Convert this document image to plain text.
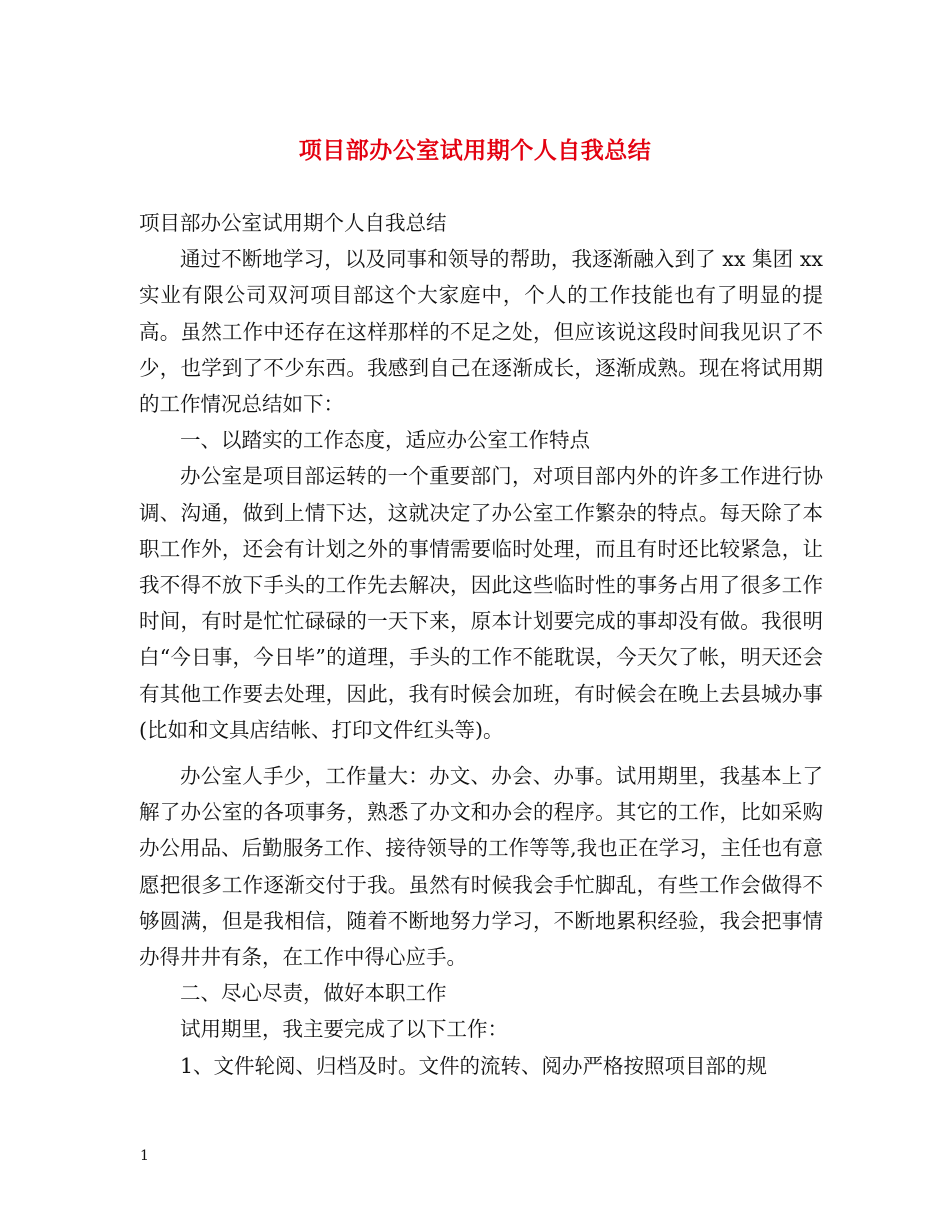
项目部办公室试用期个人自我总结

项目部办公室试用期个人自我总结

通过不断地学习，以及同事和领导的帮助，我逐渐融入到了 xx 集团 xx 实业有限公司双河项目部这个大家庭中，个人的工作技能也有了明显的提高。虽然工作中还存在这样那样的不足之处，但应该说这段时间我见识了不少，也学到了不少东西。我感到自己在逐渐成长，逐渐成熟。现在将试用期的工作情况总结如下：

一、以踏实的工作态度，适应办公室工作特点

办公室是项目部运转的一个重要部门，对项目部内外的许多工作进行协调、沟通，做到上情下达，这就决定了办公室工作繁杂的特点。每天除了本职工作外，还会有计划之外的事情需要临时处理，而且有时还比较紧急，让我不得不放下手头的工作先去解决，因此这些临时性的事务占用了很多工作时间，有时是忙忙碌碌的一天下来，原本计划要完成的事却没有做。我很明白“今日事，今日毕”的道理，手头的工作不能耽误，今天欠了帐，明天还会有其他工作要去处理，因此，我有时候会加班，有时候会在晚上去县城办事(比如和文具店结帐、打印文件红头等)。

办公室人手少，工作量大：办文、办会、办事。试用期里，我基本上了解了办公室的各项事务，熟悉了办文和办会的程序。其它的工作，比如采购办公用品、后勤服务工作、接待领导的工作等等,我也正在学习，主任也有意愿把很多工作逐渐交付于我。虽然有时候我会手忙脚乱，有些工作会做得不够圆满，但是我相信，随着不断地努力学习，不断地累积经验，我会把事情办得井井有条，在工作中得心应手。

二、尽心尽责，做好本职工作

试用期里，我主要完成了以下工作：

1、文件轮阅、归档及时。文件的流转、阅办严格按照项目部的规

1
